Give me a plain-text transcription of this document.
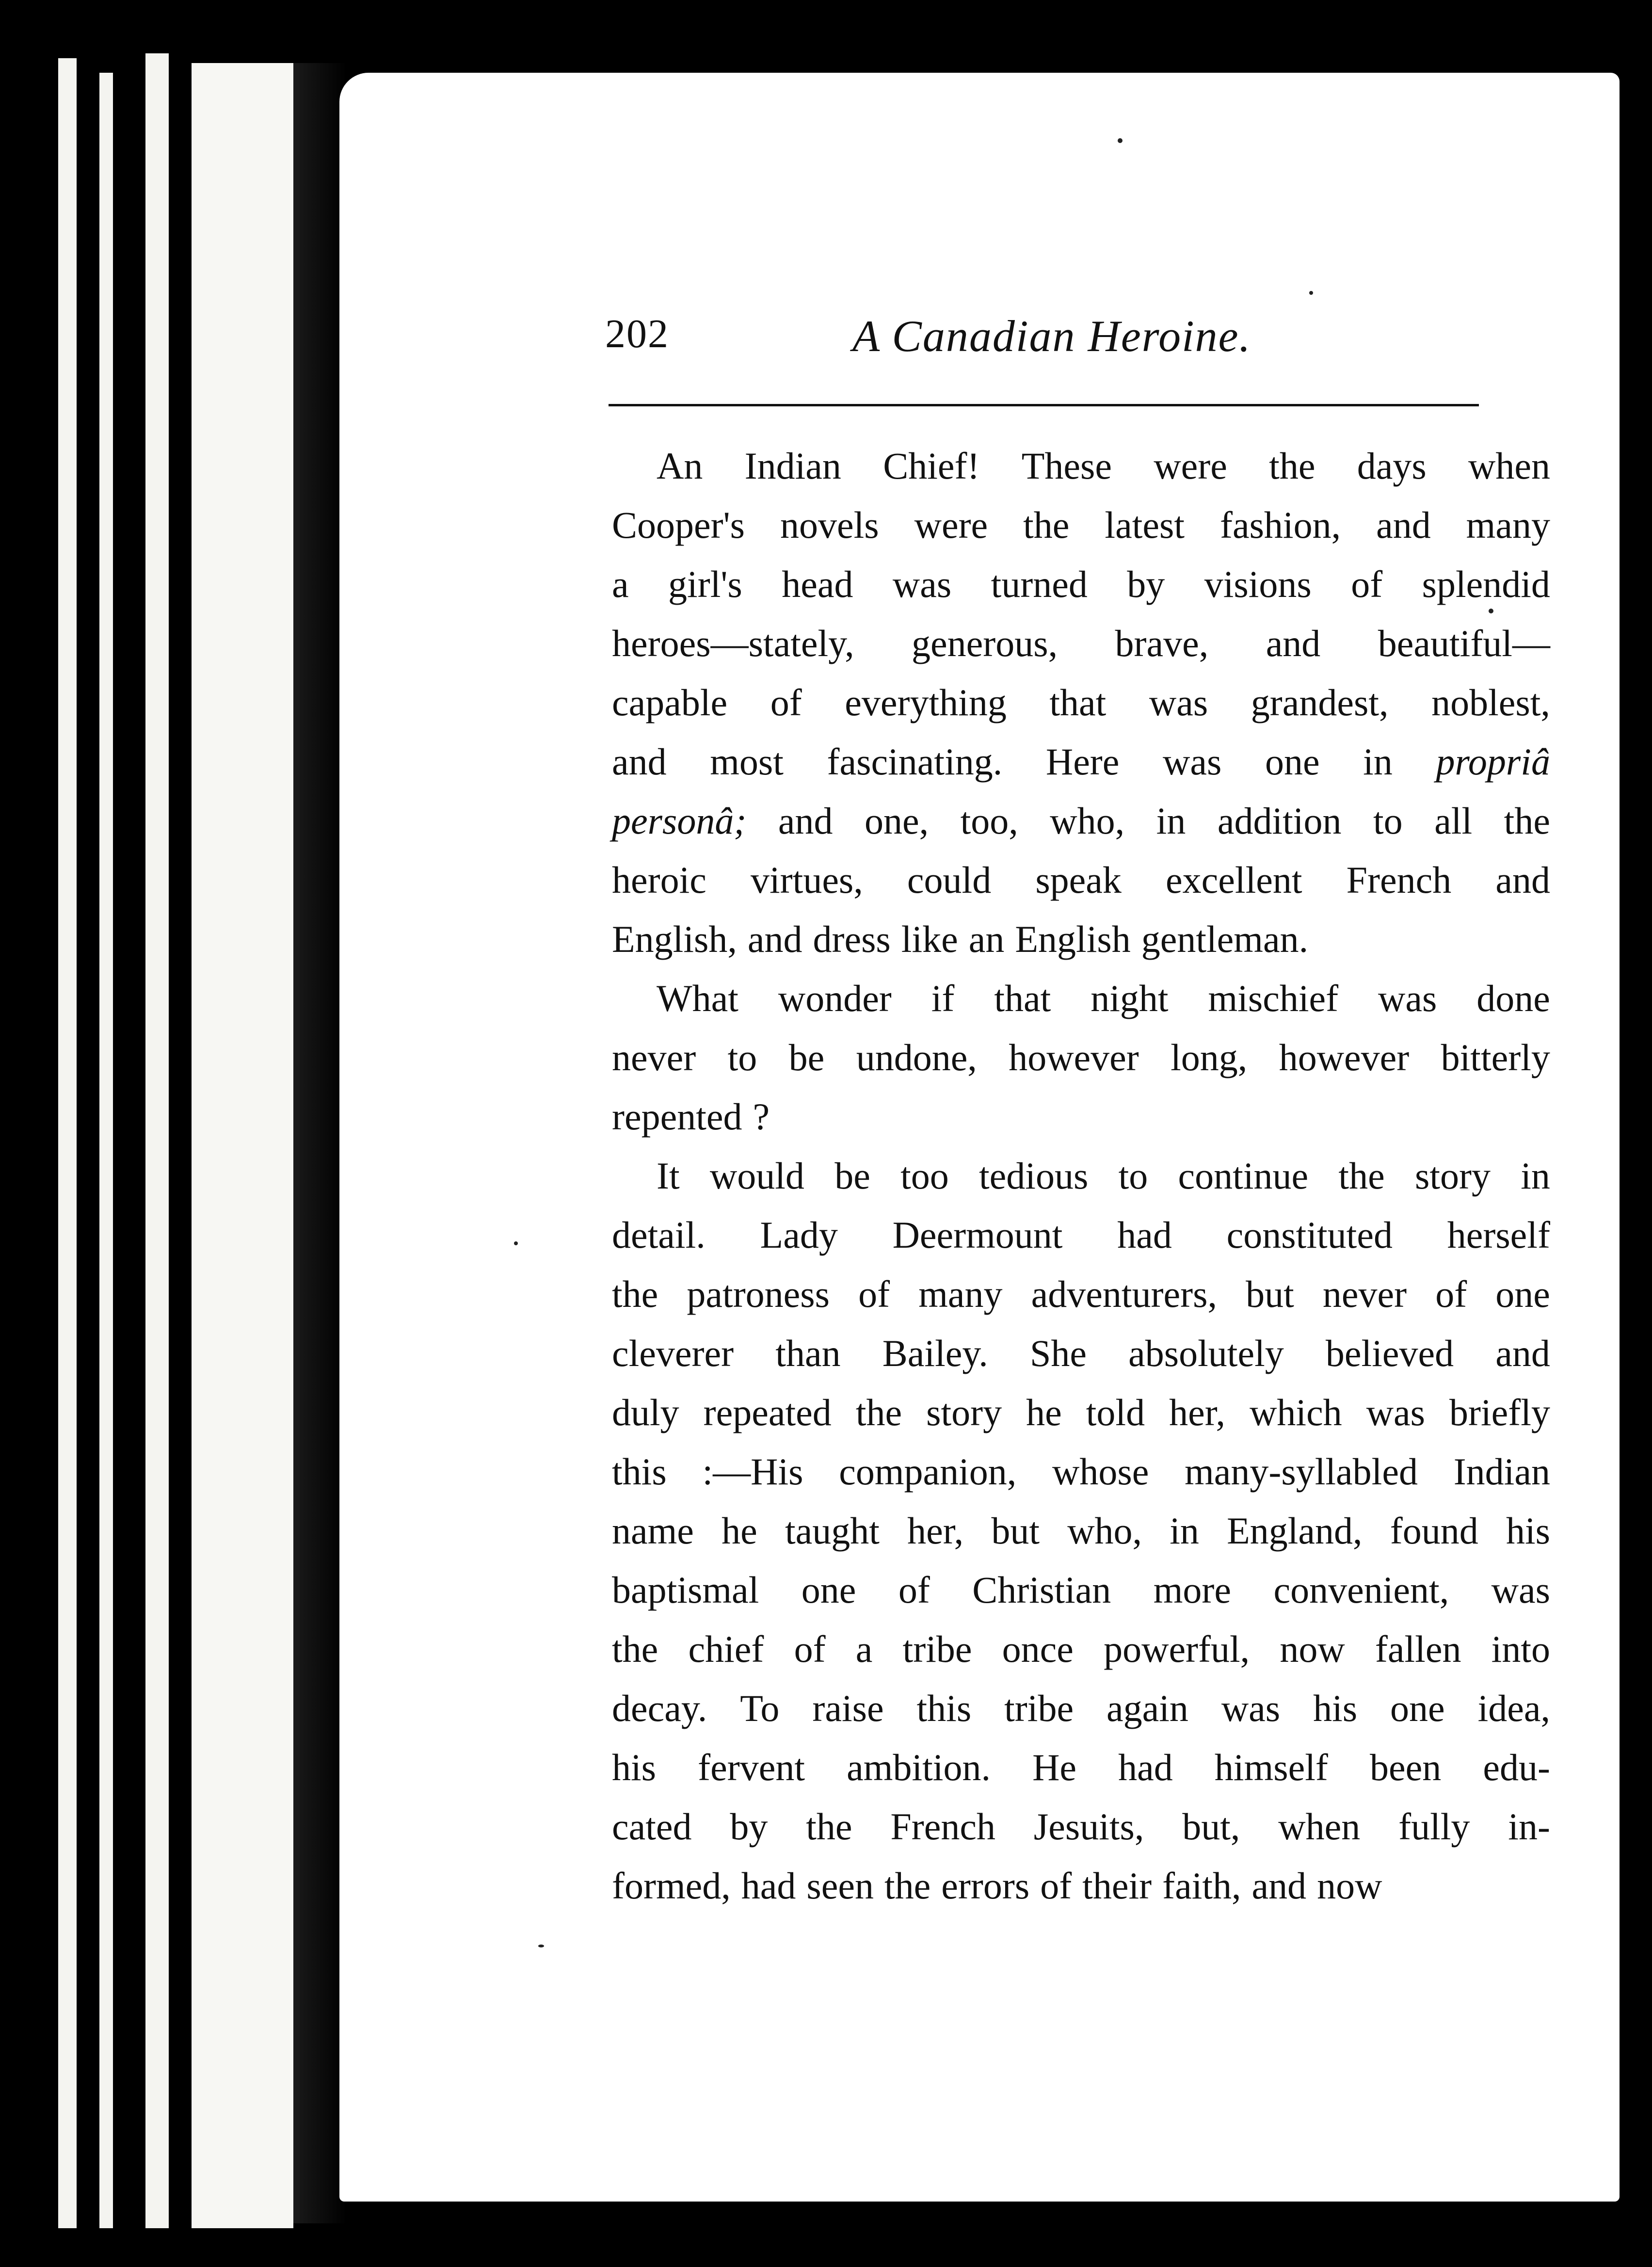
202	A Canadian Heroine.
An Indian Chief! These were the days when
Cooper's novels were the latest fashion, and many
a girl's head was turned by visions of splendid
heroes—stately, generous, brave, and beautiful—
capable of everything that was grandest, noblest,
and most fascinating. Here was one in propriâ
personâ; and one, too, who, in addition to all the
heroic virtues, could speak excellent French and
English, and dress like an English gentleman.
What wonder if that night mischief was done
never to be undone, however long, however bitterly
repented ?
It would be too tedious to continue the story in
detail. Lady Deermount had constituted herself
the patroness of many adventurers, but never of one
cleverer than Bailey. She absolutely believed and
duly repeated the story he told her, which was briefly
this :—His companion, whose many-syllabled Indian
name he taught her, but who, in England, found his
baptismal one of Christian more convenient, was
the chief of a tribe once powerful, now fallen into
decay. To raise this tribe again was his one idea,
his fervent ambition. He had himself been edu-
cated by the French Jesuits, but, when fully in-
formed, had seen the errors of their faith, and now
